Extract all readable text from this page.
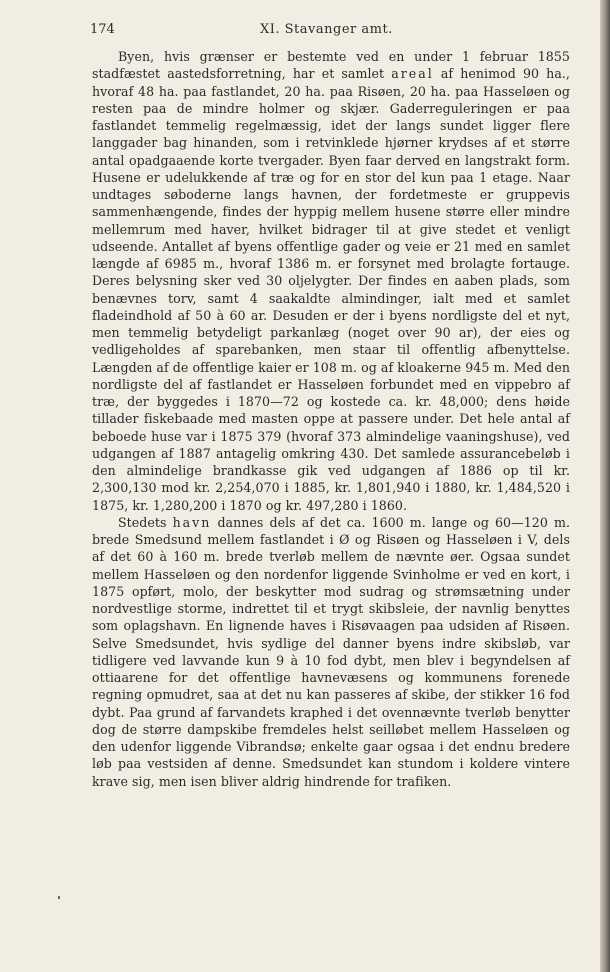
174	XI. Stavanger amt.

Byen, hvis grænser er bestemte ved en under 1 februar 1855 stadfæstet aastedsforretning, har et samlet areal af henimod 90 ha., hvoraf 48 ha. paa fastlandet, 20 ha. paa Risøen, 20 ha. paa Hasseløen og resten paa de mindre holmer og skjær. Gaderreguleringen er paa fastlandet temmelig regelmæssig, idet der langs sundet ligger flere langgader bag hinanden, som i retvinklede hjørner krydses af et større antal opadgaaende korte tvergader. Byen faar derved en langstrakt form. Husene er udelukkende af træ og for en stor del kun paa 1 etage. Naar undtages søboderne langs havnen, der fordetmeste er gruppevis sammenhængende, findes der hyppig mellem husene større eller mindre mellemrum med haver, hvilket bidrager til at give stedet et venligt udseende. Antallet af byens offentlige gader og veie er 21 med en samlet længde af 6985 m., hvoraf 1386 m. er forsynet med brolagte fortauge. Deres belysning sker ved 30 oljelygter. Der findes en aaben plads, som benævnes torv, samt 4 saakaldte almindinger, ialt med et samlet fladeindhold af 50 à 60 ar. Desuden er der i byens nordligste del et nyt, men temmelig betydeligt parkanlæg (noget over 90 ar), der eies og vedligeholdes af sparebanken, men staar til offentlig afbenyttelse. Længden af de offentlige kaier er 108 m. og af kloakerne 945 m. Med den nordligste del af fastlandet er Hasseløen forbundet med en vippebro af træ, der byggedes i 1870—72 og kostede ca. kr. 48,000; dens høide tillader fiskebaade med masten oppe at passere under. Det hele antal af beboede huse var i 1875 379 (hvoraf 373 almindelige vaaningshuse), ved udgangen af 1887 antagelig omkring 430. Det samlede assurancebeløb i den almindelige brandkasse gik ved udgangen af 1886 op til kr. 2,300,130 mod kr. 2,254,070 i 1885, kr. 1,801,940 i 1880, kr. 1,484,520 i 1875, kr. 1,280,200 i 1870 og kr. 497,280 i 1860.

Stedets havn dannes dels af det ca. 1600 m. lange og 60—120 m. brede Smedsund mellem fastlandet i Ø og Risøen og Hasseløen i V, dels af det 60 à 160 m. brede tverløb mellem de nævnte øer. Ogsaa sundet mellem Hasseløen og den nordenfor liggende Svinholme er ved en kort, i 1875 opført, molo, der beskytter mod sudrag og strømsætning under nordvestlige storme, indrettet til et trygt skibsleie, der navnlig benyttes som oplagshavn. En lignende haves i Risøvaagen paa udsiden af Risøen. Selve Smedsundet, hvis sydlige del danner byens indre skibsløb, var tidligere ved lavvande kun 9 à 10 fod dybt, men blev i begyndelsen af ottiaarene for det offentlige havnevæsens og kommunens forenede regning opmudret, saa at det nu kan passeres af skibe, der stikker 16 fod dybt. Paa grund af farvandets kraphed i det ovennævnte tverløb benytter dog de større dampskibe fremdeles helst seilløbet mellem Hasseløen og den udenfor liggende Vibrandsø; enkelte gaar ogsaa i det endnu bredere løb paa vestsiden af denne. Smedsundet kan stundom i koldere vintere krave sig, men isen bliver aldrig hindrende for trafiken.
